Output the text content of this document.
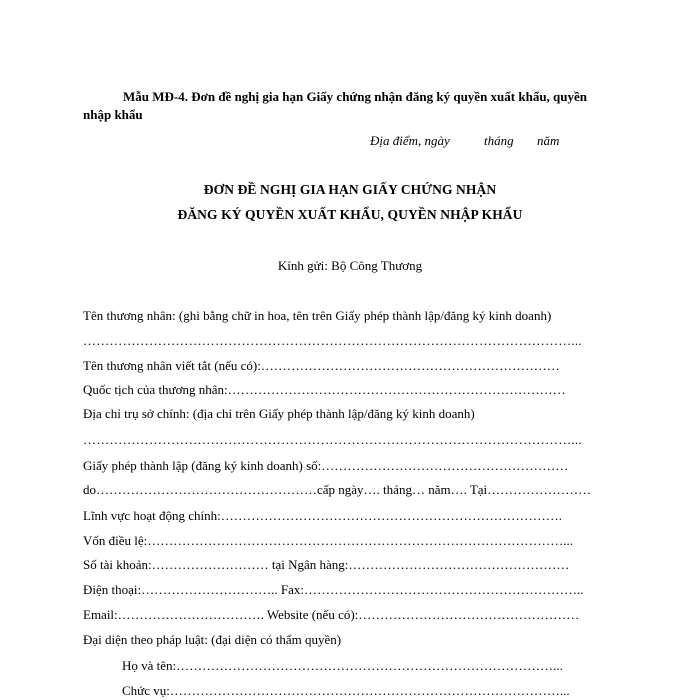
Mẫu MĐ-4. Đơn đề nghị gia hạn Giấy chứng nhận đăng ký quyền xuất khẩu, quyền
nhập khẩu
Địa điểm, ngày	tháng năm
ĐƠN ĐỀ NGHỊ GIA HẠN GIẤY CHỨNG NHẬN
ĐĂNG KÝ QUYỀN XUẤT KHẨU, QUYỀN NHẬP KHẨU
Kính gửi: Bộ Công Thương
Tên thương nhân: (ghi bằng chữ in hoa, tên trên Giấy phép thành lập/đăng ký kinh doanh)
…………………………………………………………………………………………………...
Tên thương nhân viết tắt (nếu có):……………………………………………………………
Quốc tịch của thương nhân:……………………………………………………………………
Địa chỉ trụ sở chính: (địa chỉ trên Giấy phép thành lập/đăng ký kinh doanh)
…………………………………………………………………………………………………...
Giấy phép thành lập (đăng ký kinh doanh) số:…………………………………………………
do……………………………………………cấp ngày…. tháng… năm…. Tại……………………
Lĩnh vực hoạt động chính:…………………………………………………………………….
Vốn điều lệ:……………………………………………………………………………………...
Số tài khoản:……………………… tại Ngân hàng:……………………………………………
Điện thoại:………………………….. Fax:………………………………………………………..
Email:……………………………. Website (nếu có):……………………………………………
Đại diện theo pháp luật: (đại diện có thẩm quyền)
Họ và tên:……………………………………………………………………………...
Chức vụ:………………………………………………………………………………...
